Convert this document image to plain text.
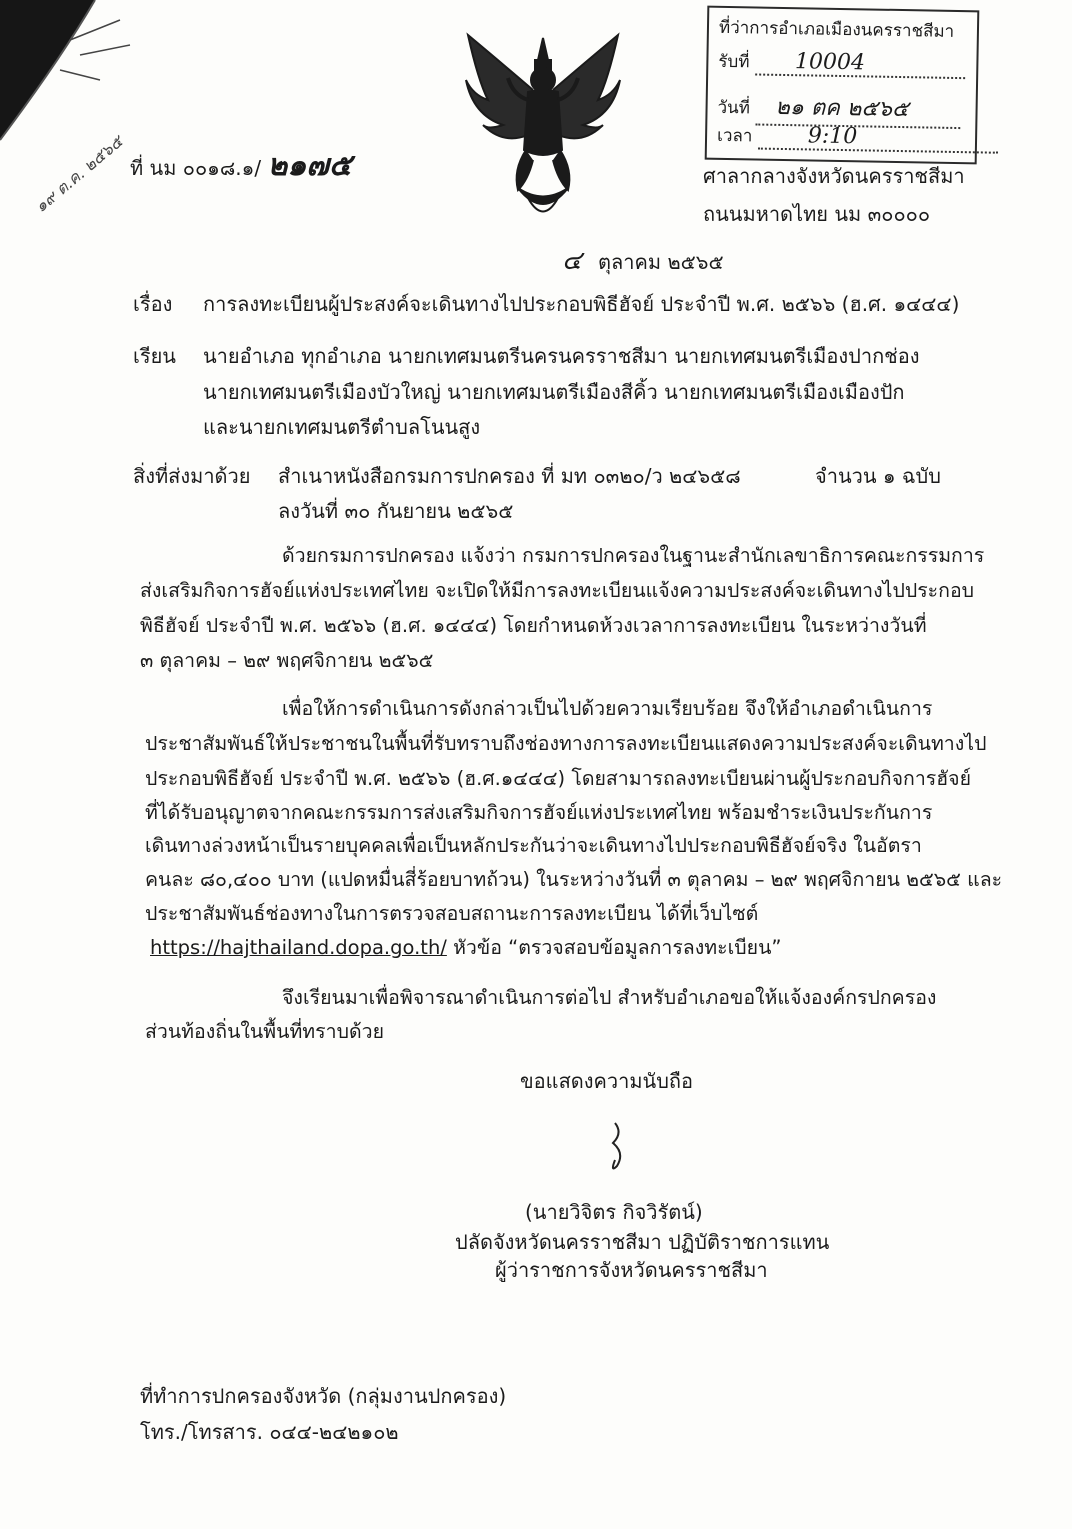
ที่ว่าการอำเภอเมืองนครราชสีมา
รับที่ 10004
วันที่ ๒๑ ตค ๒๕๖๕
เวลา	9:10
๑๙ ต.ค. ๒๕๖๕ ที่ นม ๐๐๑๘.๑/ ๒๑๗๕	ศาลากลางจังหวัดนครราชสีมา
ถนนมหาดไทย นม ๓๐๐๐๐
๔ ตุลาคม ๒๕๖๕
เรื่อง การลงทะเบียนผู้ประสงค์จะเดินทางไปประกอบพิธีฮัจย์ ประจำปี พ.ศ. ๒๕๖๖ (ฮ.ศ. ๑๔๔๔)
เรียน นายอำเภอ ทุกอำเภอ นายกเทศมนตรีนครนครราชสีมา นายกเทศมนตรีเมืองปากช่อง
นายกเทศมนตรีเมืองบัวใหญ่ นายกเทศมนตรีเมืองสีคิ้ว นายกเทศมนตรีเมืองเมืองปัก
และนายกเทศมนตรีตำบลโนนสูง
สิ่งที่ส่งมาด้วย สำเนาหนังสือกรมการปกครอง ที่ มท ๐๓๒๐/ว ๒๔๖๕๘
ลงวันที่ ๓๐ กันยายน ๒๕๖๕
จำนวน ๑ ฉบับ
ด้วยกรมการปกครอง แจ้งว่า กรมการปกครองในฐานะสำนักเลขาธิการคณะกรรมการ
ส่งเสริมกิจการฮัจย์แห่งประเทศไทย จะเปิดให้มีการลงทะเบียนแจ้งความประสงค์จะเดินทางไปประกอบ
พิธีฮัจย์ ประจำปี พ.ศ. ๒๕๖๖ (ฮ.ศ. ๑๔๔๔) โดยกำหนดห้วงเวลาการลงทะเบียน ในระหว่างวันที่
๓ ตุลาคม – ๒๙ พฤศจิกายน ๒๕๖๕
เพื่อให้การดำเนินการดังกล่าวเป็นไปด้วยความเรียบร้อย จึงให้อำเภอดำเนินการ
ประชาสัมพันธ์ให้ประชาชนในพื้นที่รับทราบถึงช่องทางการลงทะเบียนแสดงความประสงค์จะเดินทางไป
ประกอบพิธีฮัจย์ ประจำปี พ.ศ. ๒๕๖๖ (ฮ.ศ.๑๔๔๔) โดยสามารถลงทะเบียนผ่านผู้ประกอบกิจการฮัจย์
ที่ได้รับอนุญาตจากคณะกรรมการส่งเสริมกิจการฮัจย์แห่งประเทศไทย พร้อมชำระเงินประกันการ
เดินทางล่วงหน้าเป็นรายบุคคลเพื่อเป็นหลักประกันว่าจะเดินทางไปประกอบพิธีฮัจย์จริง ในอัตรา
คนละ ๘๐,๔๐๐ บาท (แปดหมื่นสี่ร้อยบาทถ้วน) ในระหว่างวันที่ ๓ ตุลาคม – ๒๙ พฤศจิกายน ๒๕๖๕ และ
ประชาสัมพันธ์ช่องทางในการตรวจสอบสถานะการลงทะเบียน ได้ที่เว็บไซต์
https://hajthailand.dopa.go.th/ หัวข้อ “ตรวจสอบข้อมูลการลงทะเบียน”
จึงเรียนมาเพื่อพิจารณาดำเนินการต่อไป สำหรับอำเภอขอให้แจ้งองค์กรปกครอง
ส่วนท้องถิ่นในพื้นที่ทราบด้วย
ขอแสดงความนับถือ
(นายวิจิตร กิจวิรัตน์)
ปลัดจังหวัดนครราชสีมา ปฏิบัติราชการแทน
ผู้ว่าราชการจังหวัดนครราชสีมา
ที่ทำการปกครองจังหวัด (กลุ่มงานปกครอง)
โทร./โทรสาร. ๐๔๔-๒๔๒๑๐๒
